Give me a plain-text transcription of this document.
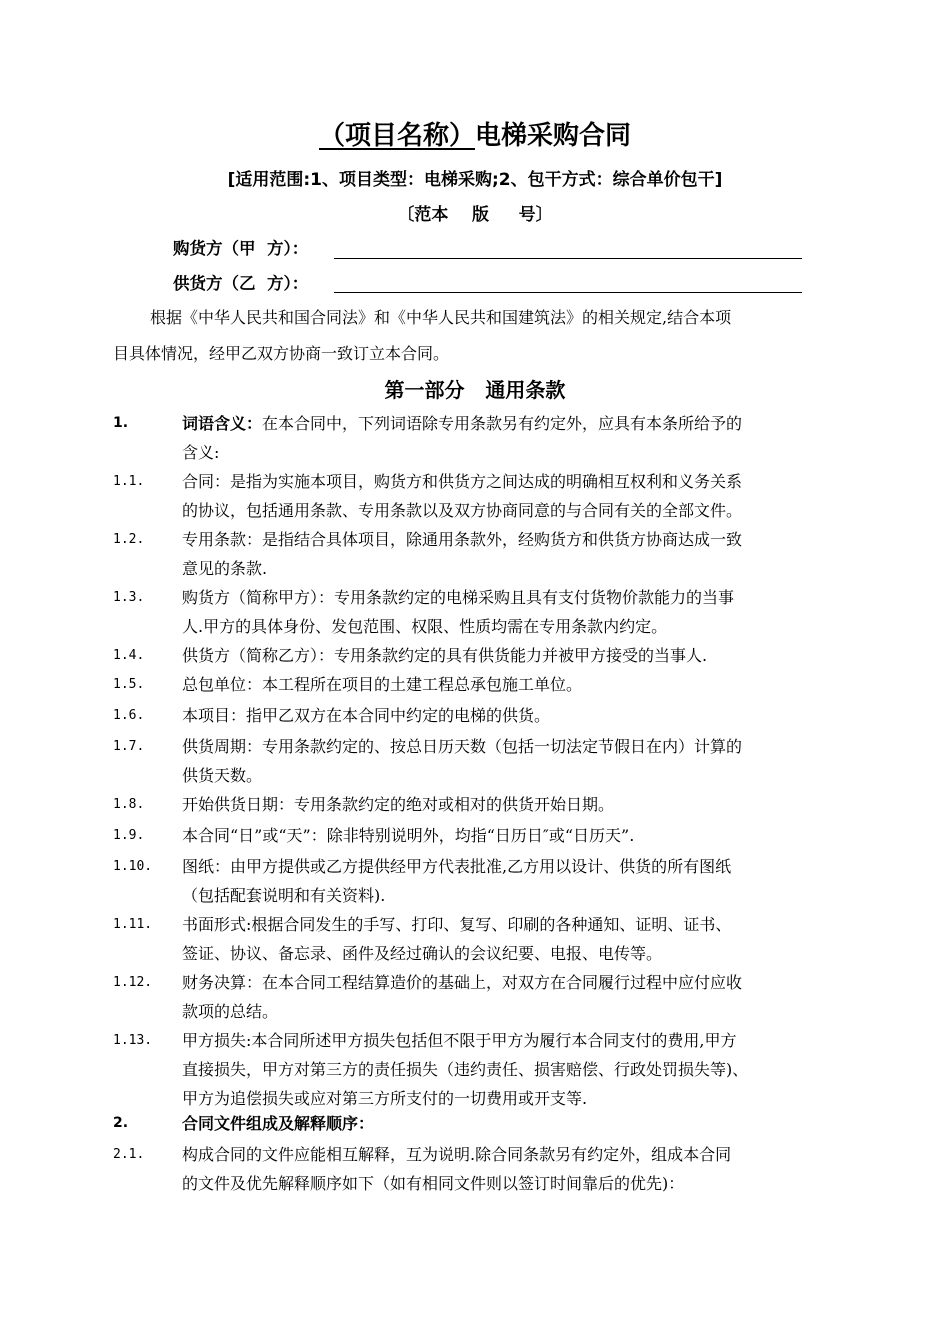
（项目名称）电梯采购合同
[适用范围:1、项目类型：电梯采购;2、包干方式：综合单价包干]
〔范本    版     号〕
购货方（甲  方）：
供货方（乙  方）：
根据《中华人民共和国合同法》和《中华人民共和国建筑法》的相关规定,结合本项
目具体情况，经甲乙双方协商一致订立本合同。
第一部分   通用条款
1.	词语含义：在本合同中，下列词语除专用条款另有约定外，应具有本条所给予的
含义:
1.1.	合同：是指为实施本项目，购货方和供货方之间达成的明确相互权利和义务关系
的协议，包括通用条款、专用条款以及双方协商同意的与合同有关的全部文件。
1.2.	专用条款：是指结合具体项目，除通用条款外，经购货方和供货方协商达成一致
意见的条款.
1.3.	购货方（简称甲方）：专用条款约定的电梯采购且具有支付货物价款能力的当事
人.甲方的具体身份、发包范围、权限、性质均需在专用条款内约定。
1.4.	供货方（简称乙方）：专用条款约定的具有供货能力并被甲方接受的当事人.
1.5.	总包单位：本工程所在项目的土建工程总承包施工单位。
1.6.	本项目：指甲乙双方在本合同中约定的电梯的供货。
1.7.	供货周期：专用条款约定的、按总日历天数（包括一切法定节假日在内）计算的
供货天数。
1.8.	开始供货日期：专用条款约定的绝对或相对的供货开始日期。
1.9.	本合同“日”或“天”：除非特别说明外，均指“日历日″或“日历天”.
1.10.	图纸：由甲方提供或乙方提供经甲方代表批准,乙方用以设计、供货的所有图纸
（包括配套说明和有关资料).
1.11.	书面形式:根据合同发生的手写、打印、复写、印刷的各种通知、证明、证书、
签证、协议、备忘录、函件及经过确认的会议纪要、电报、电传等。
1.12.	财务决算：在本合同工程结算造价的基础上，对双方在合同履行过程中应付应收
款项的总结。
1.13.	甲方损失:本合同所述甲方损失包括但不限于甲方为履行本合同支付的费用,甲方
直接损失，甲方对第三方的责任损失（违约责任、损害赔偿、行政处罚损失等)、
甲方为追偿损失或应对第三方所支付的一切费用或开支等.
2.	合同文件组成及解释顺序：
2.1.	构成合同的文件应能相互解释，互为说明.除合同条款另有约定外，组成本合同
的文件及优先解释顺序如下（如有相同文件则以签订时间靠后的优先)：
